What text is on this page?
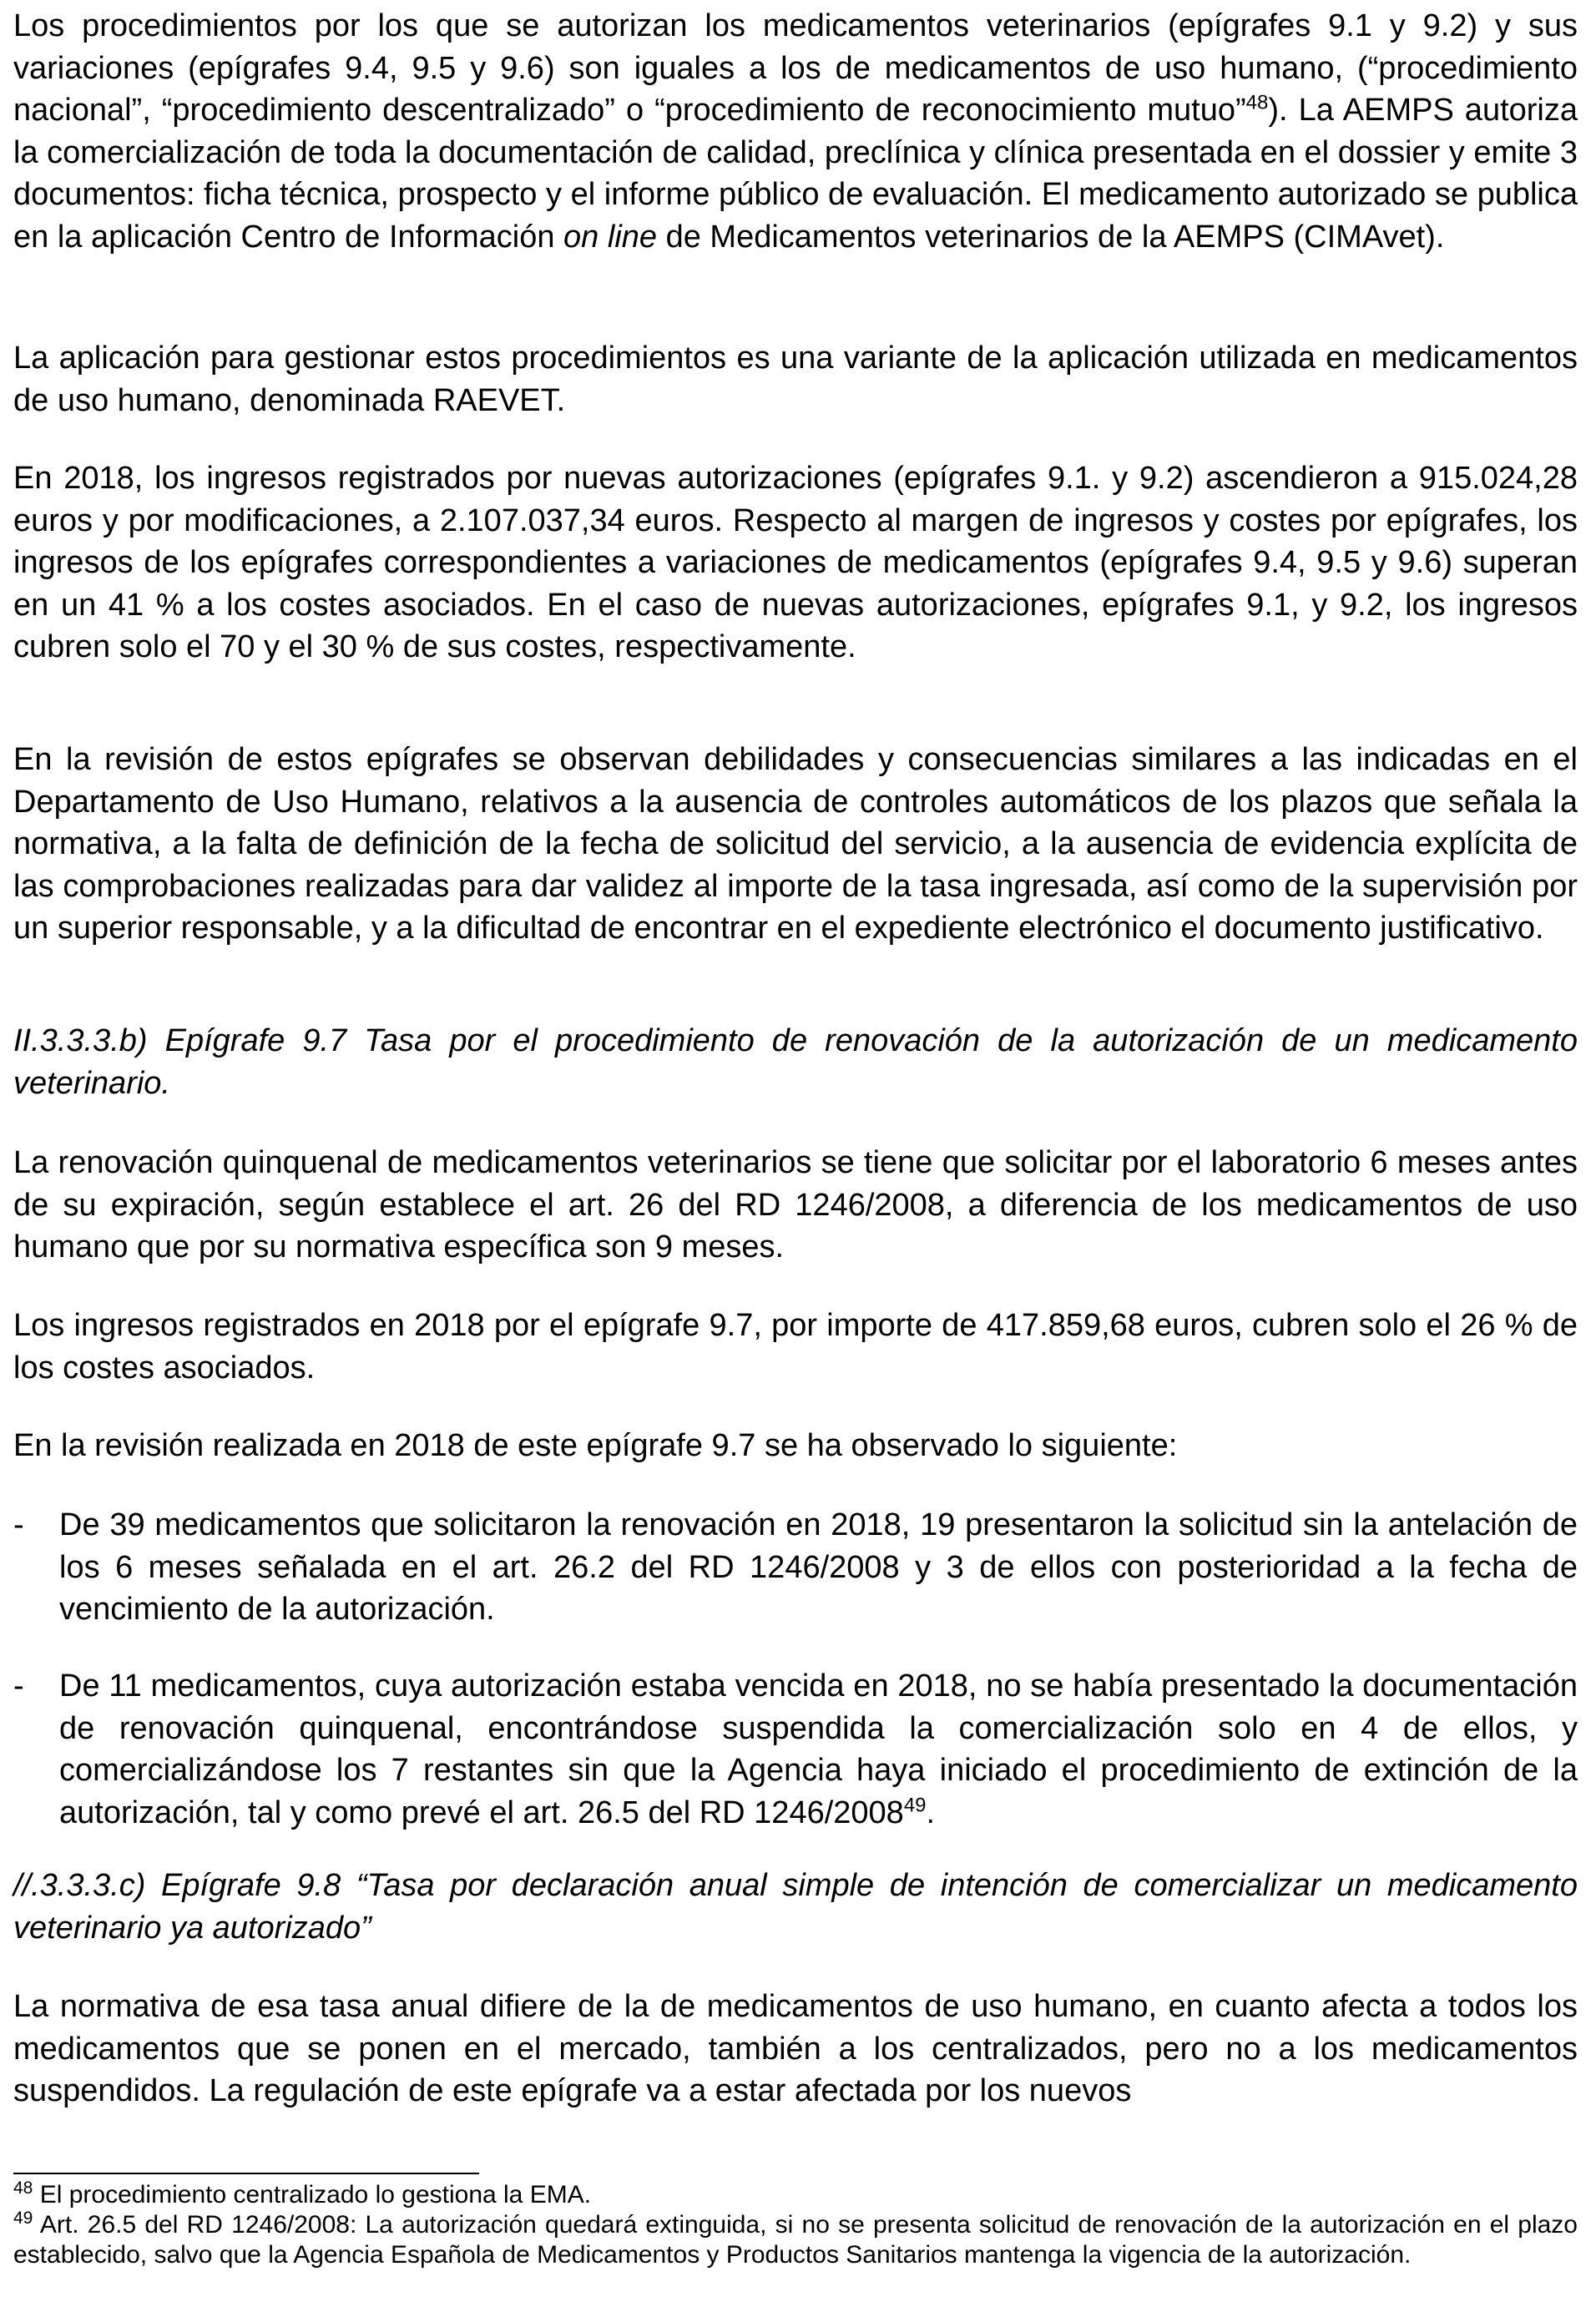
Los procedimientos por los que se autorizan los medicamentos veterinarios (epígrafes 9.1 y 9.2) y sus variaciones (epígrafes 9.4, 9.5 y 9.6) son iguales a los de medicamentos de uso humano, (“procedimiento nacional”, “procedimiento descentralizado” o “procedimiento de reconocimiento mutuo”$^{48}$). La AEMPS autoriza la comercialización de toda la documentación de calidad, preclínica y clínica presentada en el dossier y emite 3 documentos: ficha técnica, prospecto y el informe público de evaluación. El medicamento autorizado se publica en la aplicación Centro de Información on line de Medicamentos veterinarios de la AEMPS (CIMAvet).

La aplicación para gestionar estos procedimientos es una variante de la aplicación utilizada en medicamentos de uso humano, denominada RAEVET.

En 2018, los ingresos registrados por nuevas autorizaciones (epígrafes 9.1. y 9.2) ascendieron a 915.024,28 euros y por modificaciones, a 2.107.037,34 euros. Respecto al margen de ingresos y costes por epígrafes, los ingresos de los epígrafes correspondientes a variaciones de medicamentos (epígrafes 9.4, 9.5 y 9.6) superan en un 41 % a los costes asociados. En el caso de nuevas autorizaciones, epígrafes 9.1, y 9.2, los ingresos cubren solo el 70 y el 30 % de sus costes, respectivamente.

En la revisión de estos epígrafes se observan debilidades y consecuencias similares a las indicadas en el Departamento de Uso Humano, relativos a la ausencia de controles automáticos de los plazos que señala la normativa, a la falta de definición de la fecha de solicitud del servicio, a la ausencia de evidencia explícita de las comprobaciones realizadas para dar validez al importe de la tasa ingresada, así como de la supervisión por un superior responsable, y a la dificultad de encontrar en el expediente electrónico el documento justificativo.

II.3.3.3.b) Epígrafe 9.7 Tasa por el procedimiento de renovación de la autorización de un medicamento veterinario.

La renovación quinquenal de medicamentos veterinarios se tiene que solicitar por el laboratorio 6 meses antes de su expiración, según establece el art. 26 del RD 1246/2008, a diferencia de los medicamentos de uso humano que por su normativa específica son 9 meses.

Los ingresos registrados en 2018 por el epígrafe 9.7, por importe de 417.859,68 euros, cubren solo el 26 % de los costes asociados.

En la revisión realizada en 2018 de este epígrafe 9.7 se ha observado lo siguiente:

- De 39 medicamentos que solicitaron la renovación en 2018, 19 presentaron la solicitud sin la antelación de los 6 meses señalada en el art. 26.2 del RD 1246/2008 y 3 de ellos con posterioridad a la fecha de vencimiento de la autorización.

- De 11 medicamentos, cuya autorización estaba vencida en 2018, no se había presentado la documentación de renovación quinquenal, encontrándose suspendida la comercialización solo en 4 de ellos, y comercializándose los 7 restantes sin que la Agencia haya iniciado el procedimiento de extinción de la autorización, tal y como prevé el art. 26.5 del RD 1246/2008$^{49}$.

//.3.3.3.c) Epígrafe 9.8 “Tasa por declaración anual simple de intención de comercializar un medicamento veterinario ya autorizado”

La normativa de esa tasa anual difiere de la de medicamentos de uso humano, en cuanto afecta a todos los medicamentos que se ponen en el mercado, también a los centralizados, pero no a los medicamentos suspendidos. La regulación de este epígrafe va a estar afectada por los nuevos

$^{48}$ El procedimiento centralizado lo gestiona la EMA.

$^{49}$ Art. 26.5 del RD 1246/2008: La autorización quedará extinguida, si no se presenta solicitud de renovación de la autorización en el plazo establecido, salvo que la Agencia Española de Medicamentos y Productos Sanitarios mantenga la vigencia de la autorización.
